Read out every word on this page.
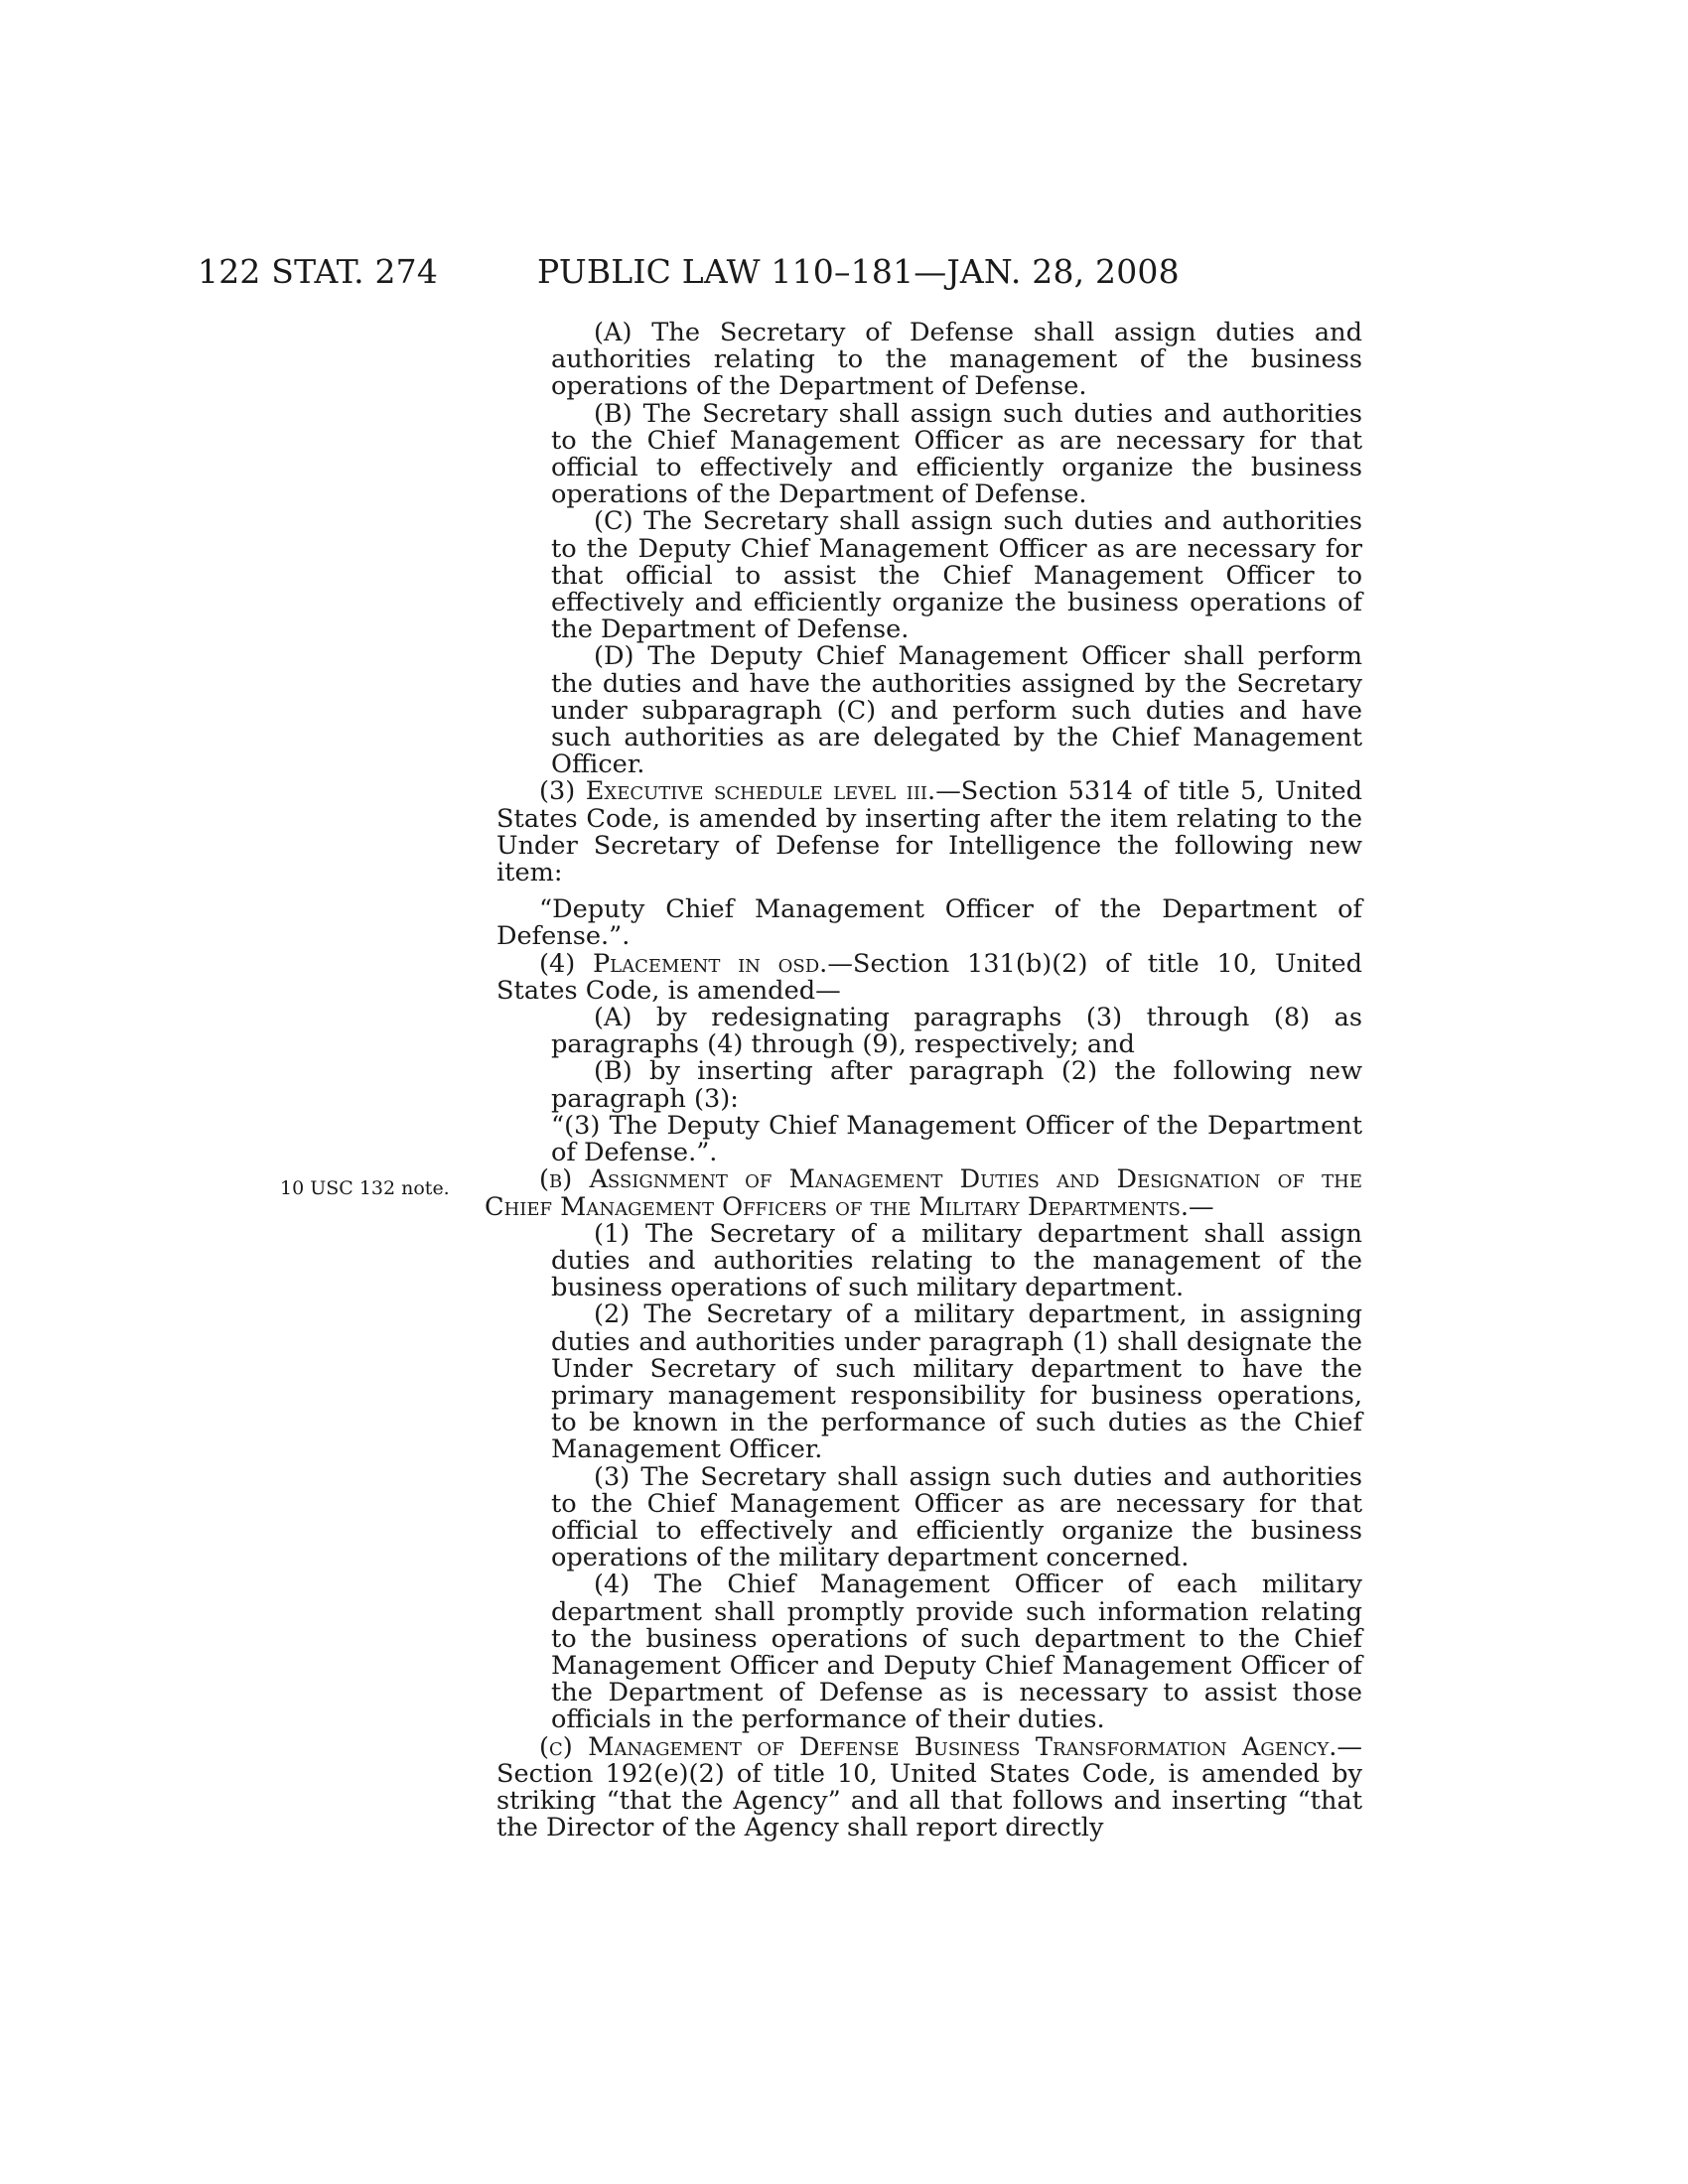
122 STAT. 274	PUBLIC LAW 110–181—JAN. 28, 2008
10 USC 132 note.

(A) The Secretary of Defense shall assign duties and authorities relating to the management of the business operations of the Department of Defense.

(B) The Secretary shall assign such duties and authorities to the Chief Management Officer as are necessary for that official to effectively and efficiently organize the business operations of the Department of Defense.

(C) The Secretary shall assign such duties and authorities to the Deputy Chief Management Officer as are necessary for that official to assist the Chief Management Officer to effectively and efficiently organize the business operations of the Department of Defense.

(D) The Deputy Chief Management Officer shall perform the duties and have the authorities assigned by the Secretary under subparagraph (C) and perform such duties and have such authorities as are delegated by the Chief Management Officer.

(3) Executive schedule level iii.—Section 5314 of title 5, United States Code, is amended by inserting after the item relating to the Under Secretary of Defense for Intelligence the following new item:

“Deputy Chief Management Officer of the Department of Defense.”.

(4) Placement in osd.—Section 131(b)(2) of title 10, United States Code, is amended—

(A) by redesignating paragraphs (3) through (8) as paragraphs (4) through (9), respectively; and

(B) by inserting after paragraph (2) the following new paragraph (3):

“(3) The Deputy Chief Management Officer of the Department of Defense.”.

(b) Assignment of Management Duties and Designation of the Chief Management Officers of the Military Departments.—

(1) The Secretary of a military department shall assign duties and authorities relating to the management of the business operations of such military department.

(2) The Secretary of a military department, in assigning duties and authorities under paragraph (1) shall designate the Under Secretary of such military department to have the primary management responsibility for business operations, to be known in the performance of such duties as the Chief Management Officer.

(3) The Secretary shall assign such duties and authorities to the Chief Management Officer as are necessary for that official to effectively and efficiently organize the business operations of the military department concerned.

(4) The Chief Management Officer of each military department shall promptly provide such information relating to the business operations of such department to the Chief Management Officer and Deputy Chief Management Officer of the Department of Defense as is necessary to assist those officials in the performance of their duties.

(c) Management of Defense Business Transformation Agency.—Section 192(e)(2) of title 10, United States Code, is amended by striking “that the Agency” and all that follows and inserting “that the Director of the Agency shall report directly
